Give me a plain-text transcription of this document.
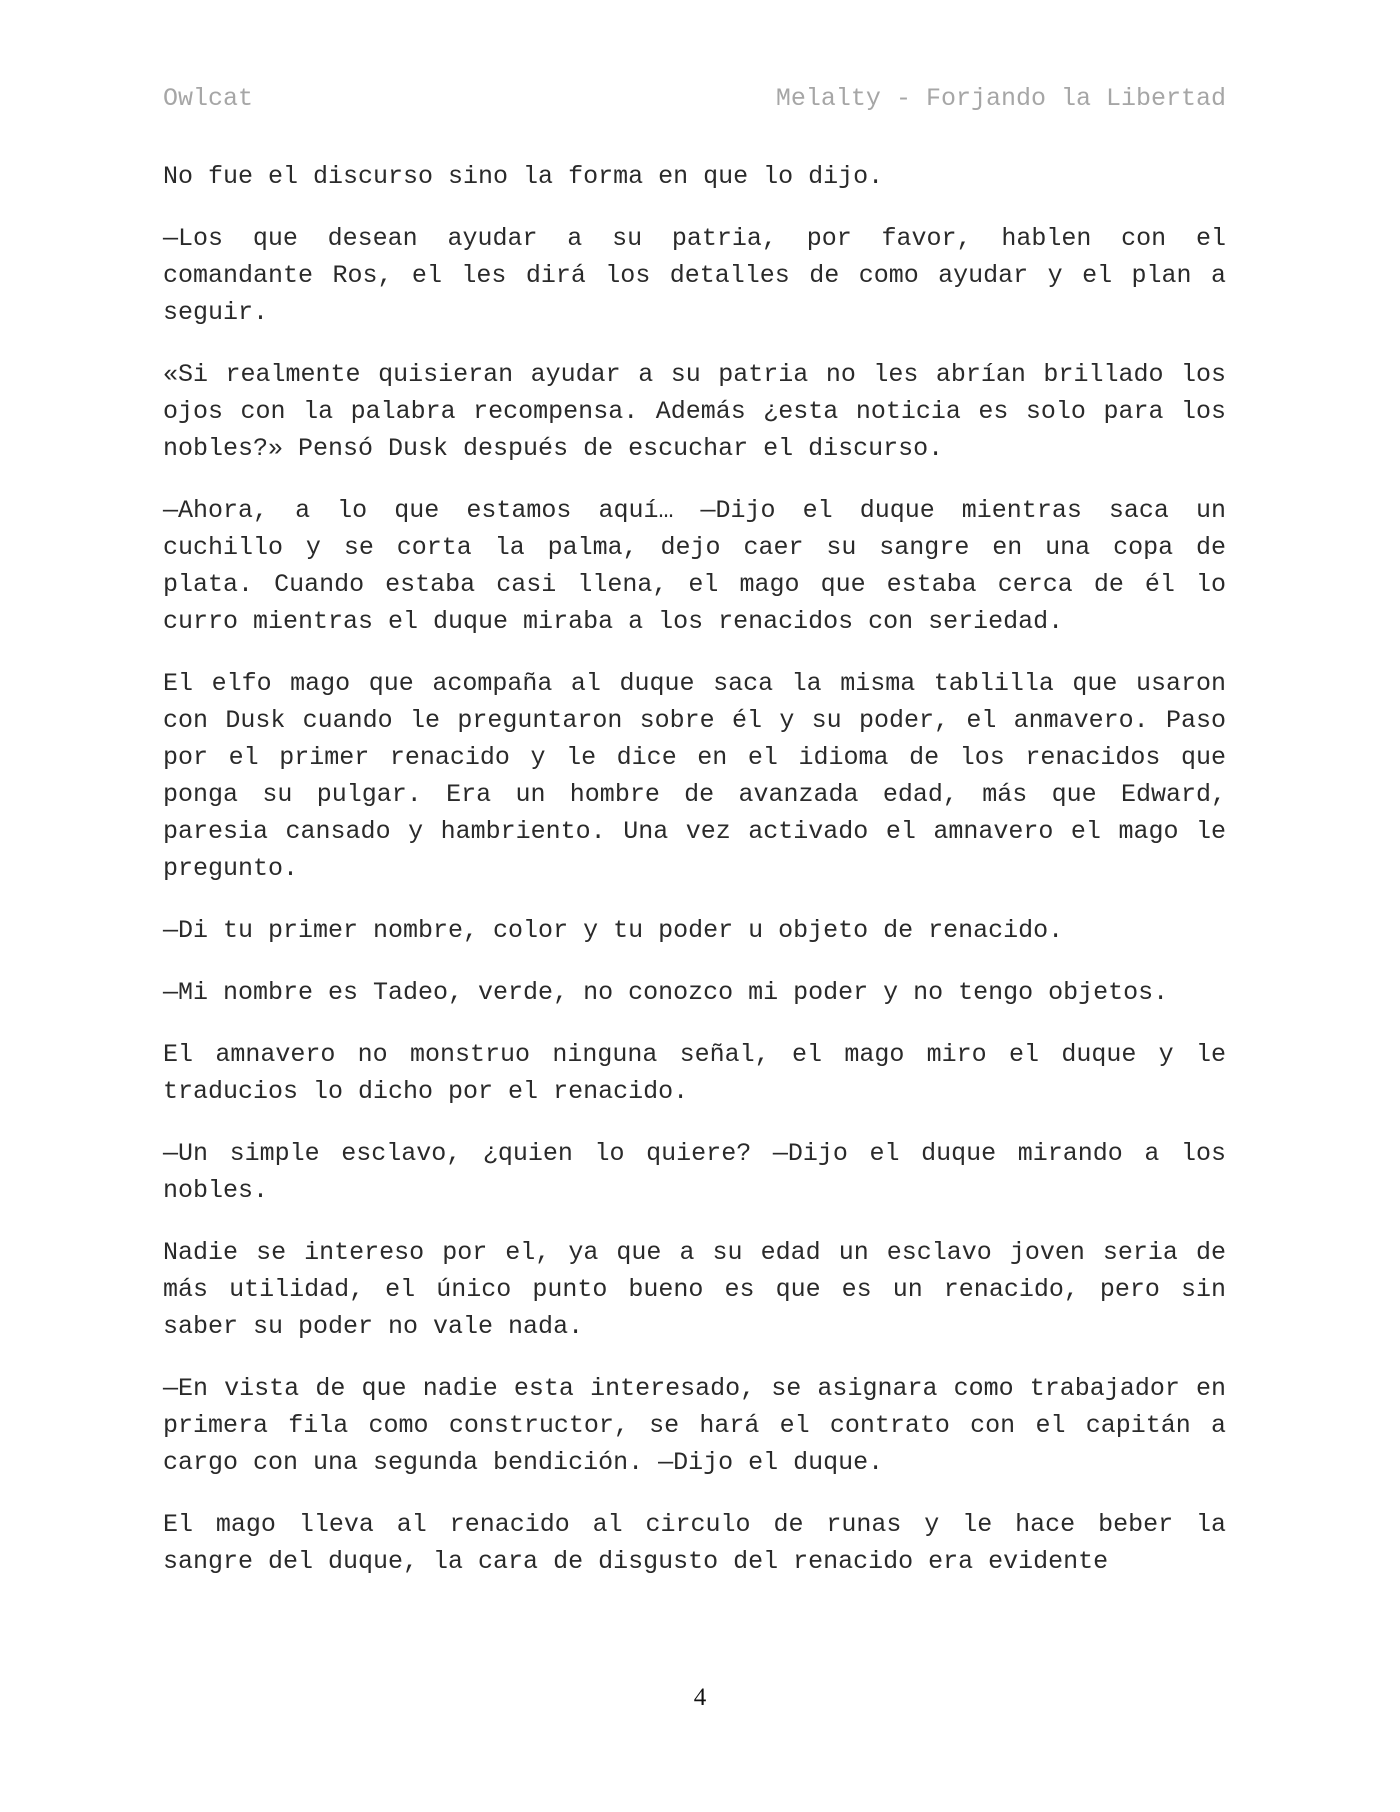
Owlcat	Melalty - Forjando la Libertad

No fue el discurso sino la forma en que lo dijo.

—Los que desean ayudar a su patria, por favor, hablen con el comandante Ros, el les dirá los detalles de como ayudar y el plan a seguir.

«Si realmente quisieran ayudar a su patria no les abrían brillado los ojos con la palabra recompensa. Además ¿esta noticia es solo para los nobles?» Pensó Dusk después de escuchar el discurso.

—Ahora, a lo que estamos aquí… —Dijo el duque mientras saca un cuchillo y se corta la palma, dejo caer su sangre en una copa de plata. Cuando estaba casi llena, el mago que estaba cerca de él lo curro mientras el duque miraba a los renacidos con seriedad.

El elfo mago que acompaña al duque saca la misma tablilla que usaron con Dusk cuando le preguntaron sobre él y su poder, el anmavero. Paso por el primer renacido y le dice en el idioma de los renacidos que ponga su pulgar. Era un hombre de avanzada edad, más que Edward, paresia cansado y hambriento. Una vez activado el amnavero el mago le pregunto.

—Di tu primer nombre, color y tu poder u objeto de renacido.

—Mi nombre es Tadeo, verde, no conozco mi poder y no tengo objetos.

El amnavero no monstruo ninguna señal, el mago miro el duque y le traducios lo dicho por el renacido.

—Un simple esclavo, ¿quien lo quiere? —Dijo el duque mirando a los nobles.

Nadie se intereso por el, ya que a su edad un esclavo joven seria de más utilidad, el único punto bueno es que es un renacido, pero sin saber su poder no vale nada.

—En vista de que nadie esta interesado, se asignara como trabajador en primera fila como constructor, se hará el contrato con el capitán a cargo con una segunda bendición. —Dijo el duque.

El mago lleva al renacido al circulo de runas y le hace beber la sangre del duque, la cara de disgusto del renacido era evidente

4
